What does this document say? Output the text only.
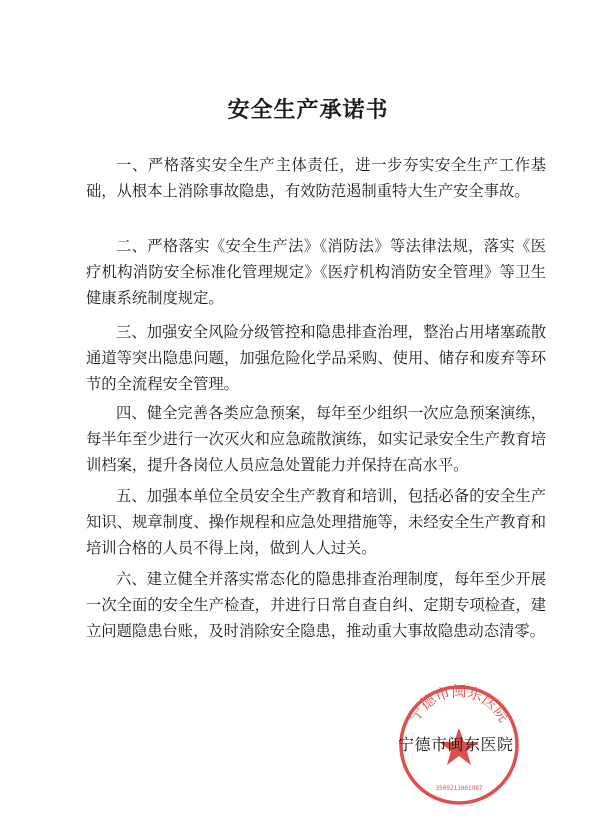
安全生产承诺书

一、严格落实安全生产主体责任，进一步夯实安全生产工作基础，从根本上消除事故隐患，有效防范遏制重特大生产安全事故。

二、严格落实《安全生产法》《消防法》等法律法规，落实《医疗机构消防安全标准化管理规定》《医疗机构消防安全管理》等卫生健康系统制度规定。

三、加强安全风险分级管控和隐患排查治理，整治占用堵塞疏散通道等突出隐患问题，加强危险化学品采购、使用、储存和废弃等环节的全流程安全管理。

四、健全完善各类应急预案，每年至少组织一次应急预案演练，每半年至少进行一次灭火和应急疏散演练，如实记录安全生产教育培训档案，提升各岗位人员应急处置能力并保持在高水平。

五、加强本单位全员安全生产教育和培训，包括必备的安全生产知识、规章制度、操作规程和应急处理措施等，未经安全生产教育和培训合格的人员不得上岗，做到人人过关。

六、建立健全并落实常态化的隐患排查治理制度，每年至少开展一次全面的安全生产检查，并进行日常自查自纠、定期专项检查，建立问题隐患台账，及时消除安全隐患，推动重大事故隐患动态清零。

宁德市闽东医院
3509211001987
宁德市闽东医院
